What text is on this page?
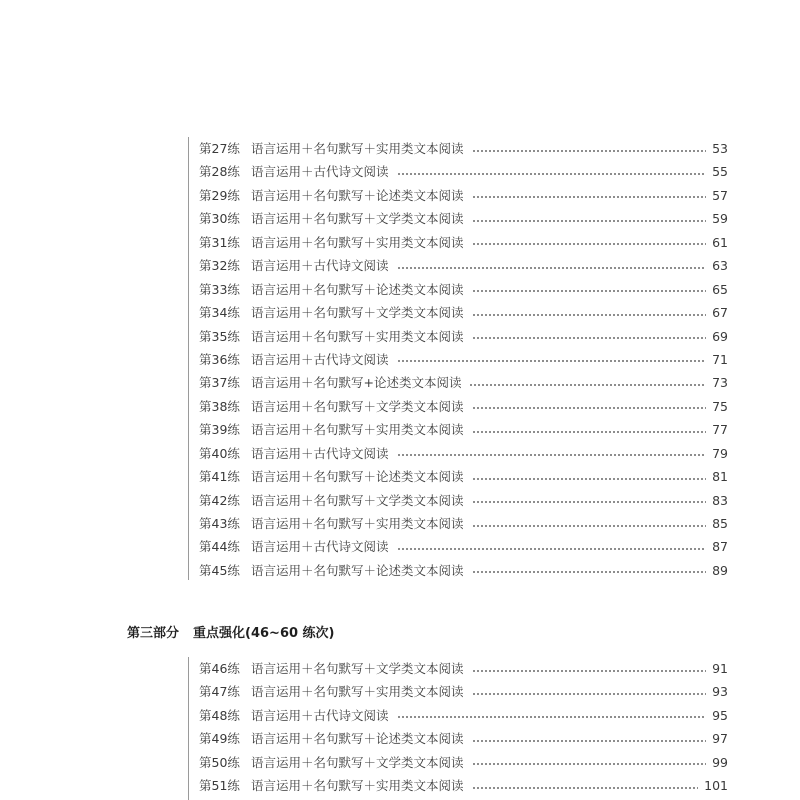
第27练 语言运用＋名句默写＋实用类文本阅读	53
第28练 语言运用＋古代诗文阅读	55
第29练 语言运用＋名句默写＋论述类文本阅读	57
第30练 语言运用＋名句默写＋文学类文本阅读	59
第31练 语言运用＋名句默写＋实用类文本阅读	61
第32练 语言运用＋古代诗文阅读	63
第33练 语言运用＋名句默写＋论述类文本阅读	65
第34练 语言运用＋名句默写＋文学类文本阅读	67
第35练 语言运用＋名句默写＋实用类文本阅读	69
第36练 语言运用＋古代诗文阅读	71
第37练 语言运用＋名句默写+论述类文本阅读	73
第38练 语言运用＋名句默写＋文学类文本阅读	75
第39练 语言运用＋名句默写＋实用类文本阅读	77
第40练 语言运用＋古代诗文阅读	79
第41练 语言运用＋名句默写＋论述类文本阅读	81
第42练 语言运用＋名句默写＋文学类文本阅读	83
第43练 语言运用＋名句默写＋实用类文本阅读	85
第44练 语言运用＋古代诗文阅读	87
第45练 语言运用＋名句默写＋论述类文本阅读	89
第三部分 重点强化(46~60 练次)
第46练 语言运用＋名句默写＋文学类文本阅读	91
第47练 语言运用＋名句默写＋实用类文本阅读	93
第48练 语言运用＋古代诗文阅读	95
第49练 语言运用＋名句默写＋论述类文本阅读	97
第50练 语言运用＋名句默写＋文学类文本阅读	99
第51练 语言运用＋名句默写＋实用类文本阅读	101
